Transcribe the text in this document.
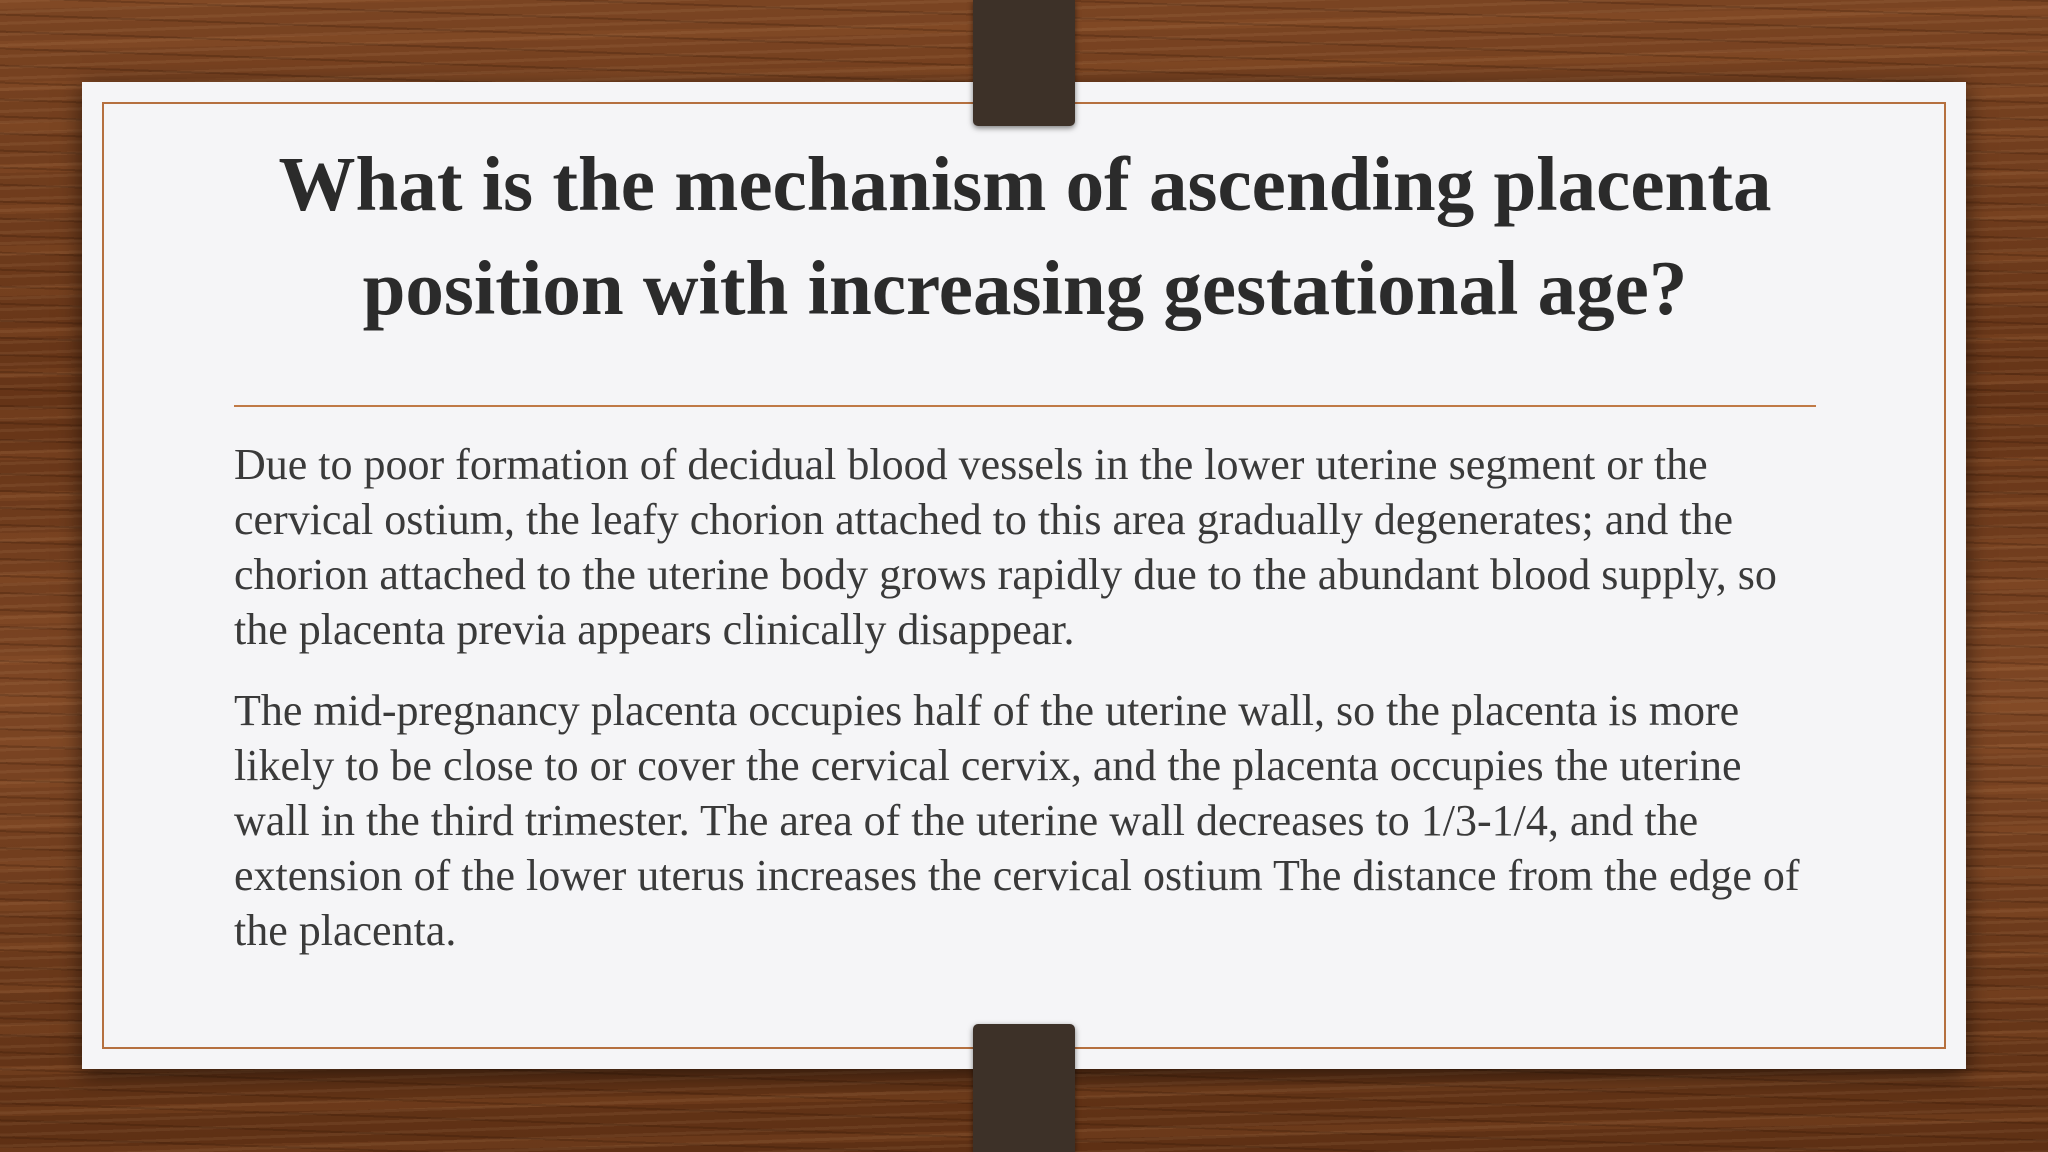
What is the mechanism of ascending placenta position with increasing gestational age?

Due to poor formation of decidual blood vessels in the lower uterine segment or the cervical ostium, the leafy chorion attached to this area gradually degenerates; and the chorion attached to the uterine body grows rapidly due to the abundant blood supply, so the placenta previa appears clinically disappear.

The mid-pregnancy placenta occupies half of the uterine wall, so the placenta is more likely to be close to or cover the cervical cervix, and the placenta occupies the uterine wall in the third trimester. The area of the uterine wall decreases to 1/3-1/4, and the extension of the lower uterus increases the cervical ostium The distance from the edge of the placenta.
